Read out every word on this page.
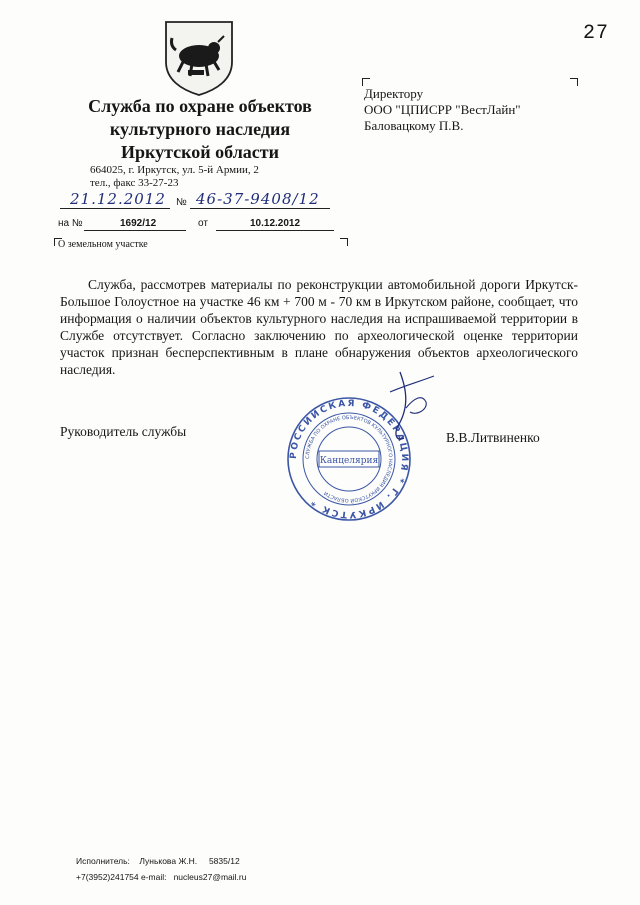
27
Служба по охране объектов
культурного наследия
Иркутской области
664025, г. Иркутск, ул. 5-й Армии, 2
тел., факс 33-27-23
21.12.2012 № 46-37-9408/12
на №	1692/12	от	10.12.2012
О земельном участке
Директору
ООО "ЦПИСРР "ВестЛайн"
Баловацкому П.В.
Служба, рассмотрев материалы по реконструкции автомобильной дороги Иркутск-Большое Голоустное на участке 46 км + 700 м - 70 км в Иркутском районе, сообщает, что информация о наличии объектов культурного наследия на испрашиваемой территории в Службе отсутствует. Согласно заключению по археологической оценке территории участок признан бесперспективным в плане обнаружения объектов археологического наследия.
Руководитель службы	В.В.Литвиненко
РОССИЙСКАЯ ФЕДЕРАЦИЯ * Г. ИРКУТСК *
СЛУЖБА ПО ОХРАНЕ ОБЪЕКТОВ КУЛЬТУРНОГО НАСЛЕДИЯ ИРКУТСКОЙ ОБЛАСТИ
Канцелярия
Исполнитель:    Лунькова Ж.Н.     5835/12
+7(3952)241754 e-mail:   nucleus27@mail.ru
